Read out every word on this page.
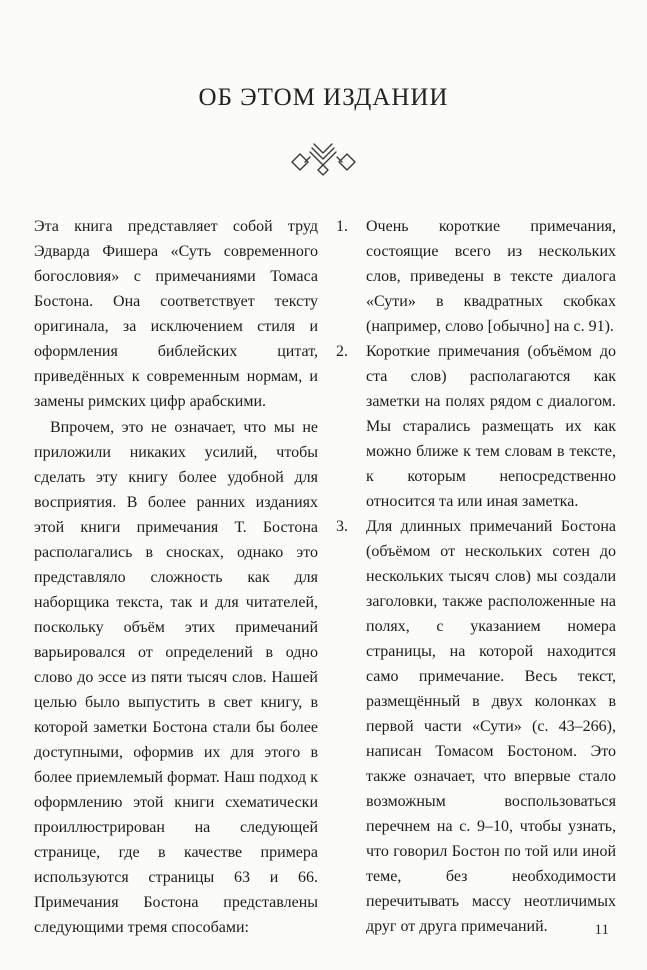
ОБ ЭТОМ ИЗДАНИИ

Эта книга представляет собой труд Эдварда Фишера «Суть современного богословия» с примечаниями Томаса Бостона. Она соответствует тексту оригинала, за исключением стиля и оформления библейских цитат, приведённых к современным нормам, и замены римских цифр арабскими.

Впрочем, это не означает, что мы не приложили никаких усилий, чтобы сделать эту книгу более удобной для восприятия. В более ранних изданиях этой книги примечания Т. Бостона располагались в сносках, однако это представляло сложность как для наборщика текста, так и для читателей, поскольку объём этих примечаний варьировался от определений в одно слово до эссе из пяти тысяч слов. Нашей целью было выпустить в свет книгу, в которой заметки Бостона стали бы более доступными, оформив их для этого в более приемлемый формат. Наш подход к оформлению этой книги схематически проиллюстрирован на следующей странице, где в качестве примера используются страницы 63 и 66. Примечания Бостона представлены следующими тремя способами:

1. Очень короткие примечания, состоящие всего из нескольких слов, приведены в тексте диалога «Сути» в квадратных скобках (например, слово [обычно] на с. 91).
2. Короткие примечания (объёмом до ста слов) располагаются как заметки на полях рядом с диалогом. Мы старались размещать их как можно ближе к тем словам в тексте, к которым непосредственно относится та или иная заметка.
3. Для длинных примечаний Бостона (объёмом от нескольких сотен до нескольких тысяч слов) мы создали заголовки, также расположенные на полях, с указанием номера страницы, на которой находится само примечание. Весь текст, размещённый в двух колонках в первой части «Сути» (с. 43–266), написан Томасом Бостоном. Это также означает, что впервые стало возможным воспользоваться перечнем на с. 9–10, чтобы узнать, что говорил Бостон по той или иной теме, без необходимости перечитывать массу неотличимых друг от друга примечаний.	11
